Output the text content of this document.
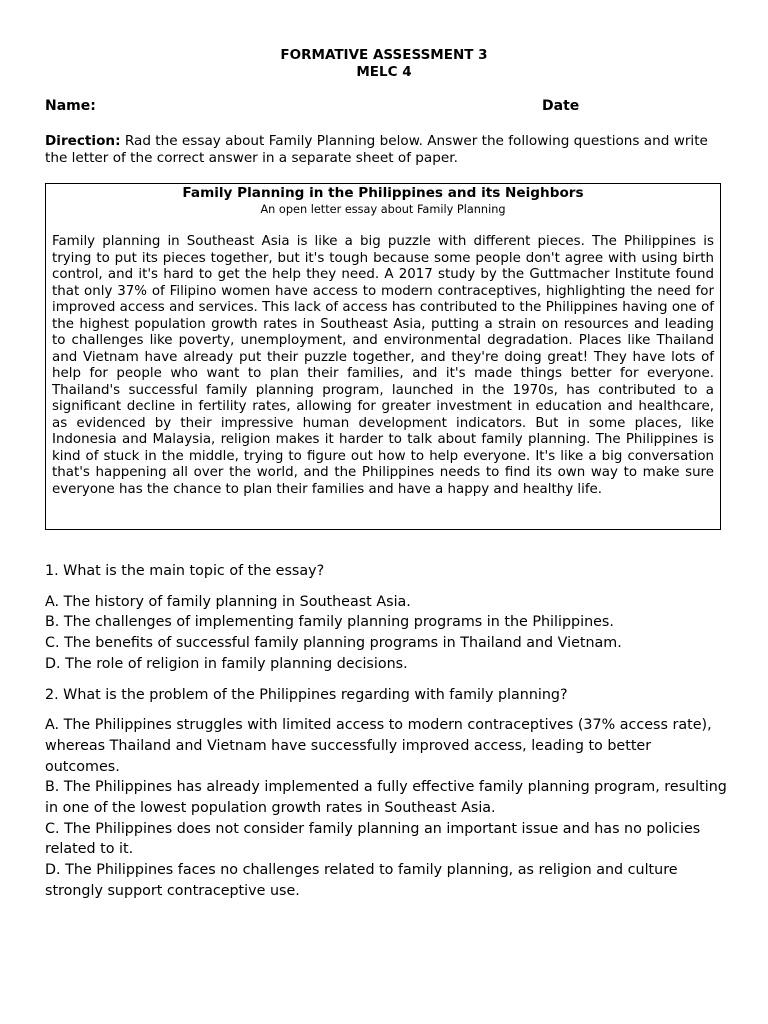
FORMATIVE ASSESSMENT 3
MELC 4
Name:	Date
Direction: Rad the essay about Family Planning below. Answer the following questions and write the letter of the correct answer in a separate sheet of paper.
Family Planning in the Philippines and its Neighbors
An open letter essay about Family Planning
Family planning in Southeast Asia is like a big puzzle with different pieces. The Philippines is trying to put its pieces together, but it's tough because some people don't agree with using birth control, and it's hard to get the help they need. A 2017 study by the Guttmacher Institute found that only 37% of Filipino women have access to modern contraceptives, highlighting the need for improved access and services. This lack of access has contributed to the Philippines having one of the highest population growth rates in Southeast Asia, putting a strain on resources and leading to challenges like poverty, unemployment, and environmental degradation. Places like Thailand and Vietnam have already put their puzzle together, and they're doing great! They have lots of help for people who want to plan their families, and it's made things better for everyone. Thailand's successful family planning program, launched in the 1970s, has contributed to a significant decline in fertility rates, allowing for greater investment in education and healthcare, as evidenced by their impressive human development indicators. But in some places, like Indonesia and Malaysia, religion makes it harder to talk about family planning. The Philippines is kind of stuck in the middle, trying to figure out how to help everyone. It's like a big conversation that's happening all over the world, and the Philippines needs to find its own way to make sure everyone has the chance to plan their families and have a happy and healthy life.
1. What is the main topic of the essay?
A. The history of family planning in Southeast Asia.
B. The challenges of implementing family planning programs in the Philippines.
C. The benefits of successful family planning programs in Thailand and Vietnam.
D. The role of religion in family planning decisions.
2. What is the problem of the Philippines regarding with family planning?
A. The Philippines struggles with limited access to modern contraceptives (37% access rate), whereas Thailand and Vietnam have successfully improved access, leading to better outcomes.
B. The Philippines has already implemented a fully effective family planning program, resulting in one of the lowest population growth rates in Southeast Asia.
C. The Philippines does not consider family planning an important issue and has no policies related to it.
D. The Philippines faces no challenges related to family planning, as religion and culture strongly support contraceptive use.
